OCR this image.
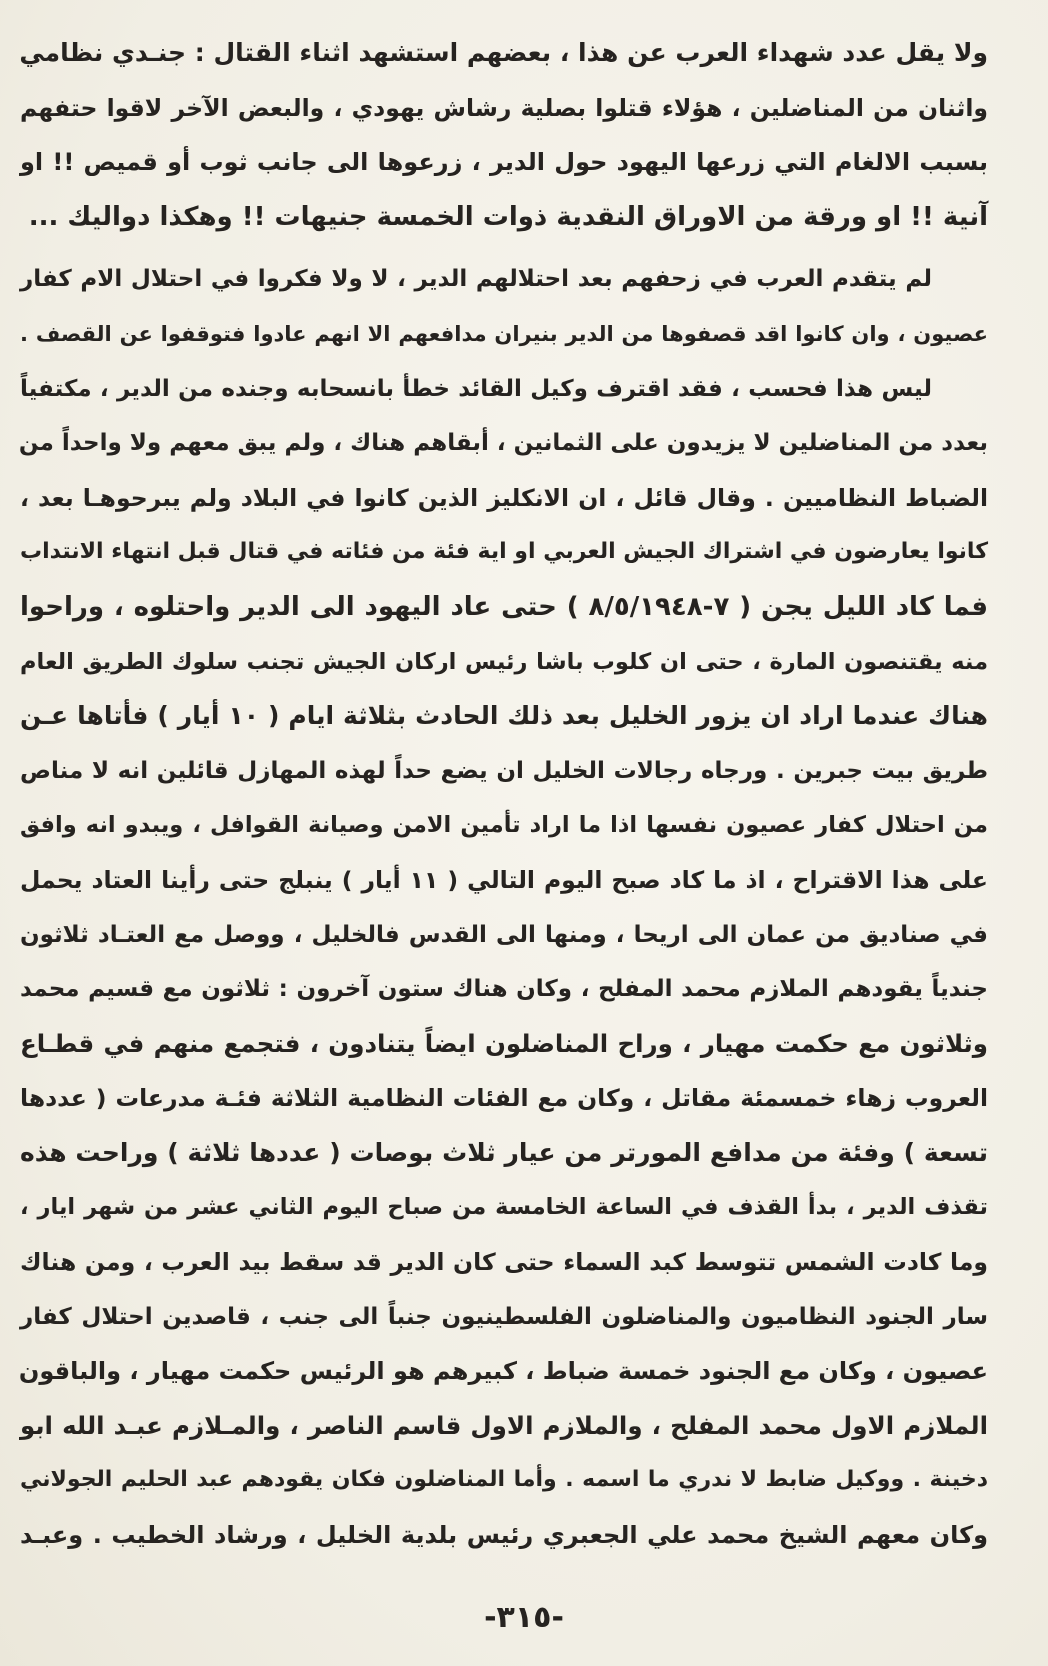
ولا يقل عدد شهداء العرب عن هذا ، بعضهم استشهد اثناء القتال : جنـدي نظامي
واثنان من المناضلين ، هؤلاء قتلوا بصلية رشاش يهودي ، والبعض الآخر لاقوا حتفهم
بسبب الالغام التي زرعها اليهود حول الدير ، زرعوها الى جانب ثوب أو قميص !! او
آنية !! او ورقة من الاوراق النقدية ذوات الخمسة جنيهات !! وهكذا دواليك ...
لم يتقدم العرب في زحفهم بعد احتلالهم الدير ، لا ولا فكروا في احتلال الام كفار
عصيون ، وان كانوا اقد قصفوها من الدير بنيران مدافعهم الا انهم عادوا فتوقفوا عن القصف .
ليس هذا فحسب ، فقد اقترف وكيل القائد خطأ بانسحابه وجنده من الدير ، مكتفياً
بعدد من المناضلين لا يزيدون على الثمانين ، أبقاهم هناك ، ولم يبق معهم ولا واحداً من
الضباط النظاميين . وقال قائل ، ان الانكليز الذين كانوا في البلاد ولم يبرحوهـا بعد ،
كانوا يعارضون في اشتراك الجيش العربي او اية فئة من فئاته في قتال قبل انتهاء الانتداب
فما كاد الليل يجن ( ٧-٨/٥/١٩٤٨ ) حتى عاد اليهود الى الدير واحتلوه ، وراحوا
منه يقتنصون المارة ، حتى ان كلوب باشا رئيس اركان الجيش تجنب سلوك الطريق العام
هناك عندما اراد ان يزور الخليل بعد ذلك الحادث بثلاثة ايام ( ١٠ أيار ) فأتاها عـن
طريق بيت جبرين . ورجاه رجالات الخليل ان يضع حداً لهذه المهازل قائلين انه لا مناص
من احتلال كفار عصيون نفسها اذا ما اراد تأمين الامن وصيانة القوافل ، ويبدو انه وافق
على هذا الاقتراح ، اذ ما كاد صبح اليوم التالي ( ١١ أيار ) ينبلج حتى رأينا العتاد يحمل
في صناديق من عمان الى اريحا ، ومنها الى القدس فالخليل ، ووصل مع العتـاد ثلاثون
جندياً يقودهم الملازم محمد المفلح ، وكان هناك ستون آخرون : ثلاثون مع قسيم محمد
وثلاثون مع حكمت مهيار ، وراح المناضلون ايضاً يتنادون ، فتجمع منهم في قطـاع
العروب زهاء خمسمئة مقاتل ، وكان مع الفئات النظامية الثلاثة فئـة مدرعات ( عددها
تسعة ) وفئة من مدافع المورتر من عيار ثلاث بوصات ( عددها ثلاثة ) وراحت هذه
تقذف الدير ، بدأ القذف في الساعة الخامسة من صباح اليوم الثاني عشر من شهر ايار ،
وما كادت الشمس تتوسط كبد السماء حتى كان الدير قد سقط بيد العرب ، ومن هناك
سار الجنود النظاميون والمناضلون الفلسطينيون جنباً الى جنب ، قاصدين احتلال كفار
عصيون ، وكان مع الجنود خمسة ضباط ، كبيرهم هو الرئيس حكمت مهيار ، والباقون
الملازم الاول محمد المفلح ، والملازم الاول قاسم الناصر ، والمـلازم عبـد الله ابو
دخينة . ووكيل ضابط لا ندري ما اسمه . وأما المناضلون فكان يقودهم عبد الحليم الجولاني
وكان معهم الشيخ محمد علي الجعبري رئيس بلدية الخليل ، ورشاد الخطيب . وعبـد
-٣١٥-
